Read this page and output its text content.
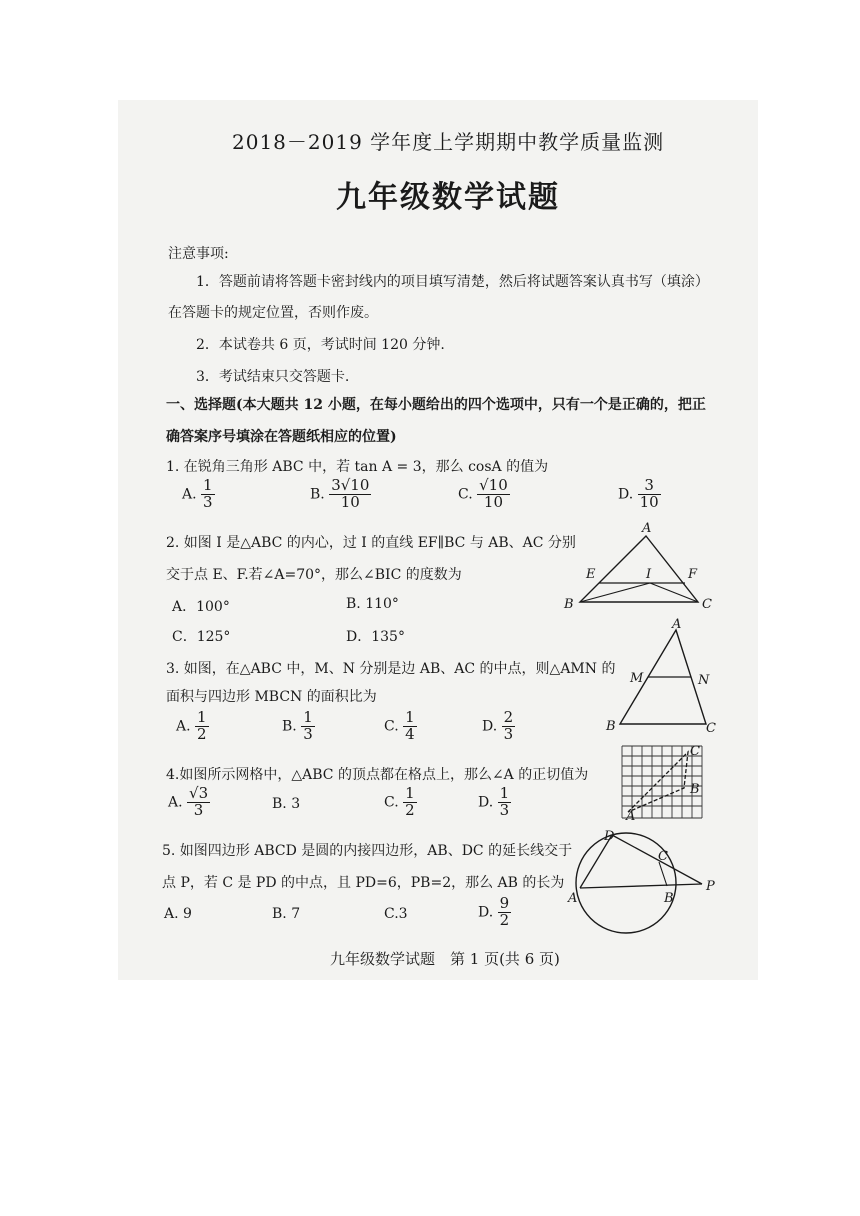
2018－2019 学年度上学期期中教学质量监测
九年级数学试题
注意事项:
1．答题前请将答题卡密封线内的项目填写清楚，然后将试题答案认真书写（填涂）
在答题卡的规定位置，否则作废。
2．本试卷共 6 页，考试时间 120 分钟.
3．考试结束只交答题卡.
一、选择题(本大题共 12 小题，在每小题给出的四个选项中，只有一个是正确的，把正
确答案序号填涂在答题纸相应的位置)
1. 在锐角三角形 ABC 中，若 tan A = 3，那么 cosA 的值为
A. $\frac{1}{3}$	B. $\frac{3√10}{10}$	C. $\frac{√10}{10}$	D. $\frac{3}{10}$
2. 如图 I 是△ABC 的内心，过 I 的直线 EF∥BC 与 AB、AC 分别
交于点 E、F.若∠A=70°，那么∠BIC 的度数为
A．100°	B. 110°
C．125°	D．135°
A
E	I	F
B	C
3. 如图，在△ABC 中，M、N 分别是边 AB、AC 的中点，则△AMN 的
面积与四边形 MBCN 的面积比为
A. $\frac{1}{2}$	B. $\frac{1}{3}$	C. $\frac{1}{4}$	D. $\frac{2}{3}$
A
M	N
B	C
4.如图所示网格中，△ABC 的顶点都在格点上，那么∠A 的正切值为
A. $\frac{√3}{3}$	B. 3	C. $\frac{1}{2}$	D. $\frac{1}{3}$
C
B
A
5. 如图四边形 ABCD 是圆的内接四边形，AB、DC 的延长线交于
点 P，若 C 是 PD 的中点，且 PD=6，PB=2，那么 AB 的长为
A. 9	B. 7	C.3	D. $\frac{9}{2}$
D
C
P
A	B
九年级数学试题　第 1 页(共 6 页)
